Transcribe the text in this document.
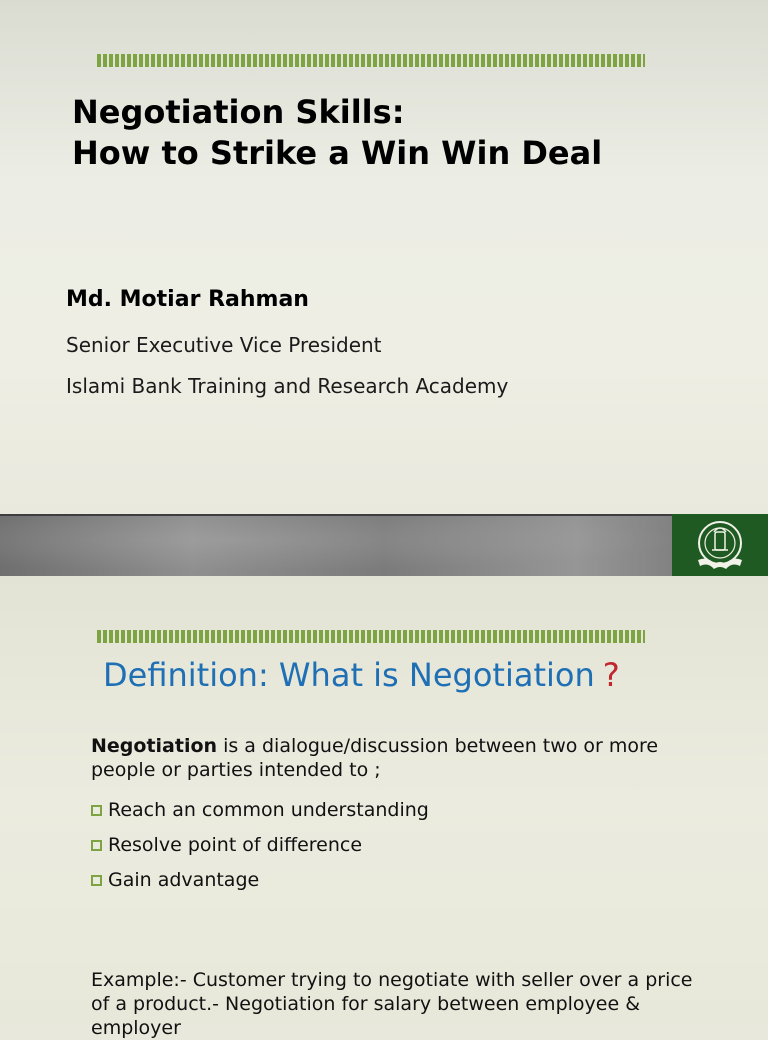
Negotiation Skills:
How to Strike a Win Win Deal
Md. Motiar Rahman
Senior Executive Vice President
Islami Bank Training and Research Academy
Definition: What is Negotiation ?

Negotiation is a dialogue/discussion between two or more people or parties intended to ;

Reach an common understanding
Resolve point of difference
Gain advantage

Example:- Customer trying to negotiate with seller over a price
of a product.- Negotiation for salary between employee &
employer
